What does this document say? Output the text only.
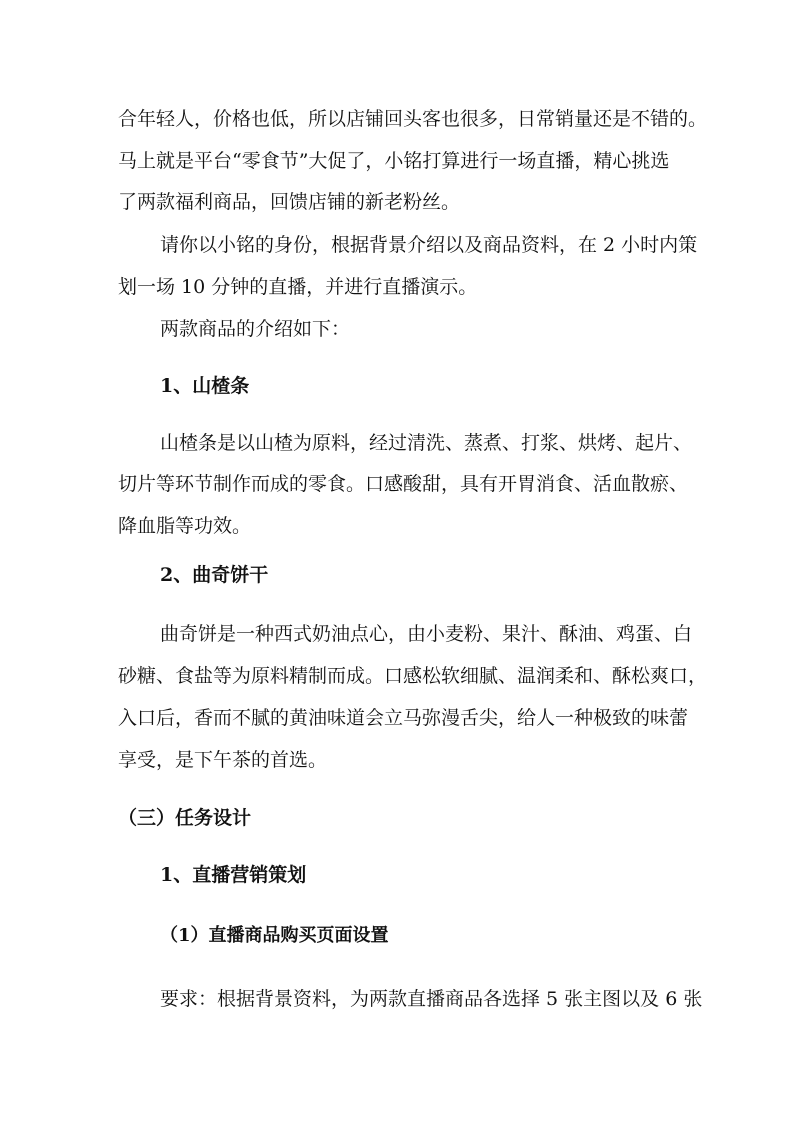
合年轻人，价格也低，所以店铺回头客也很多，日常销量还是不错的。
马上就是平台“零食节”大促了，小铭打算进行一场直播，精心挑选
了两款福利商品，回馈店铺的新老粉丝。
请你以小铭的身份，根据背景介绍以及商品资料，在 2 小时内策
划一场 10 分钟的直播，并进行直播演示。
两款商品的介绍如下：
1、山楂条
山楂条是以山楂为原料，经过清洗、蒸煮、打浆、烘烤、起片、
切片等环节制作而成的零食。口感酸甜，具有开胃消食、活血散瘀、
降血脂等功效。
2、曲奇饼干
曲奇饼是一种西式奶油点心，由小麦粉、果汁、酥油、鸡蛋、白
砂糖、食盐等为原料精制而成。口感松软细腻、温润柔和、酥松爽口，
入口后，香而不腻的黄油味道会立马弥漫舌尖，给人一种极致的味蕾
享受，是下午茶的首选。
（三）任务设计
1、直播营销策划
（1）直播商品购买页面设置
要求：根据背景资料，为两款直播商品各选择 5 张主图以及 6 张
